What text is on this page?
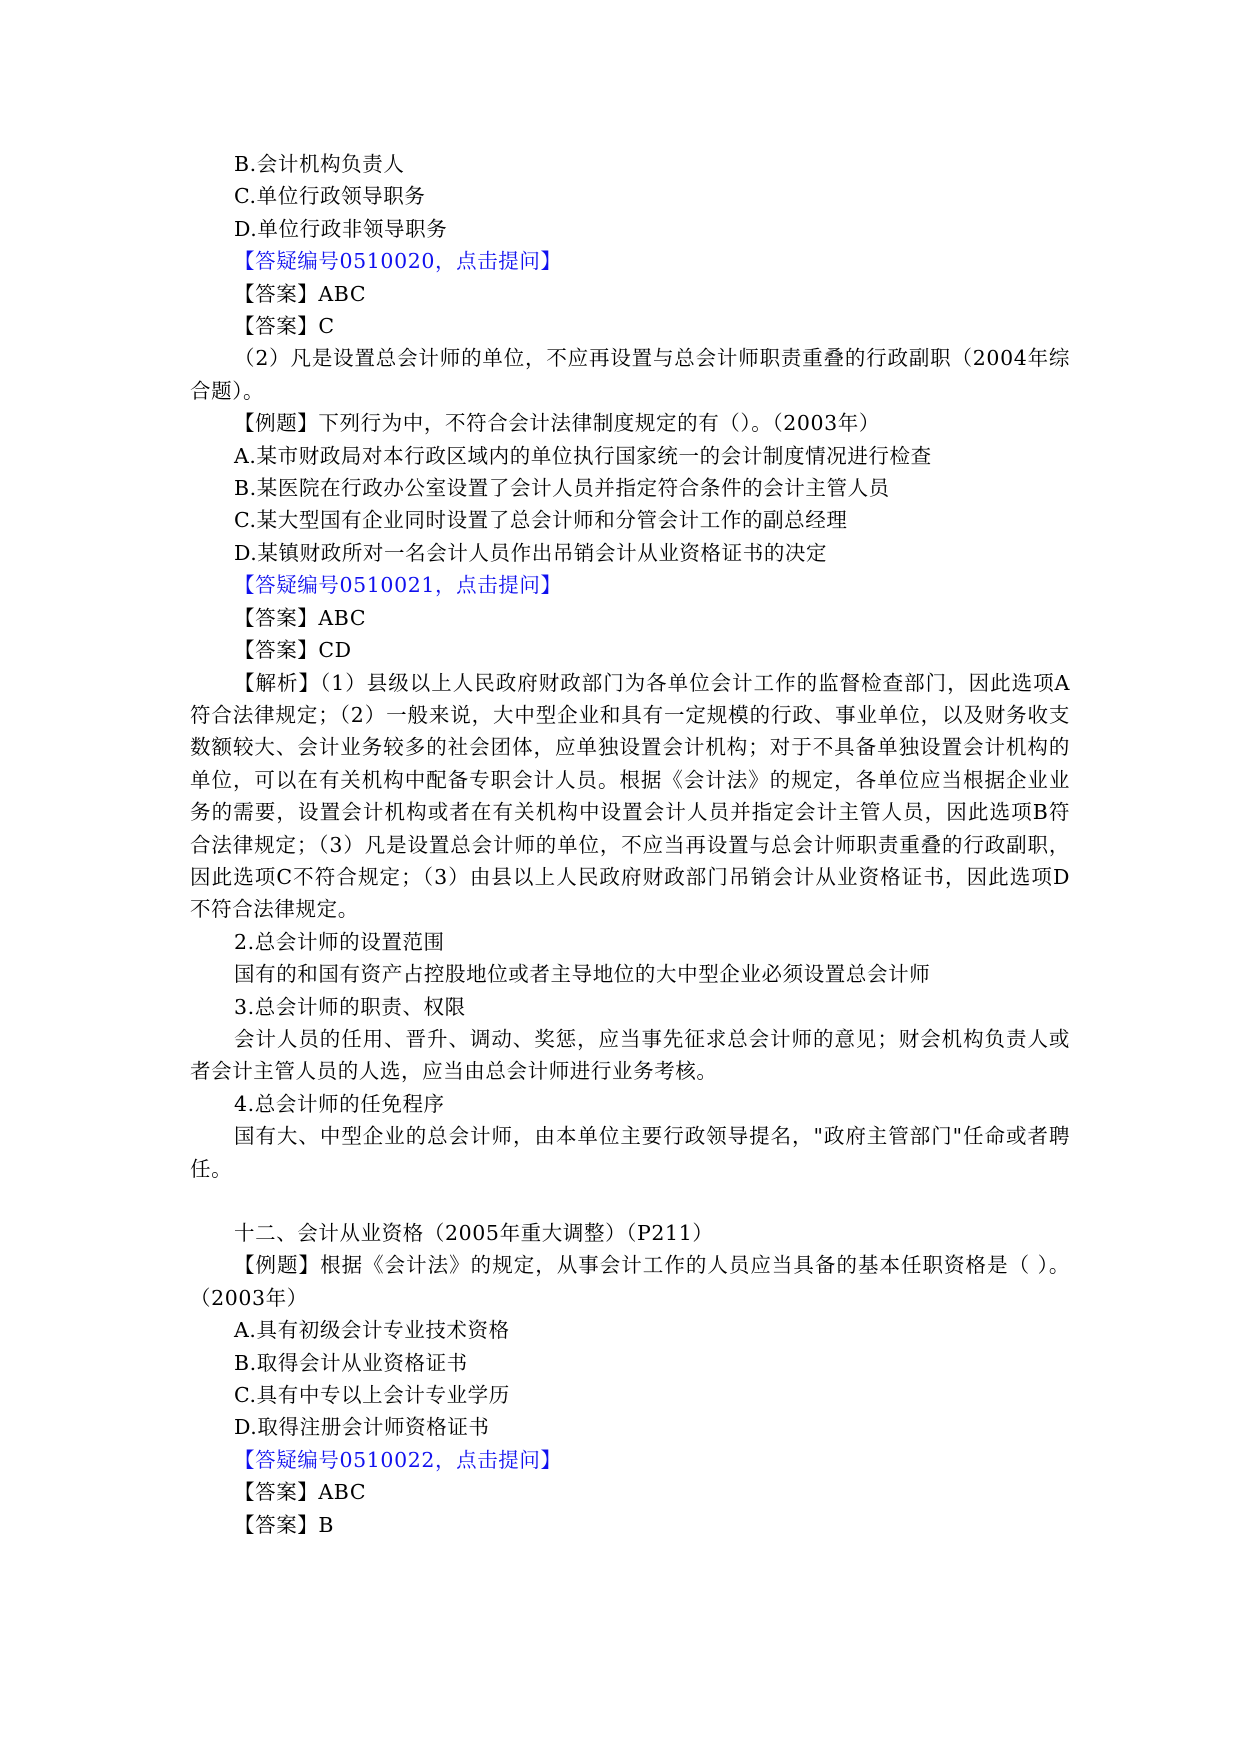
B.会计机构负责人

C.单位行政领导职务

D.单位行政非领导职务

【答疑编号0510020，点击提问】

【答案】ABC

【答案】C

（2）凡是设置总会计师的单位，不应再设置与总会计师职责重叠的行政副职（2004年综合题）。

【例题】下列行为中，不符合会计法律制度规定的有（）。（2003年）

A.某市财政局对本行政区域内的单位执行国家统一的会计制度情况进行检查

B.某医院在行政办公室设置了会计人员并指定符合条件的会计主管人员

C.某大型国有企业同时设置了总会计师和分管会计工作的副总经理

D.某镇财政所对一名会计人员作出吊销会计从业资格证书的决定

【答疑编号0510021，点击提问】

【答案】ABC

【答案】CD

【解析】（1）县级以上人民政府财政部门为各单位会计工作的监督检查部门，因此选项A符合法律规定；（2）一般来说，大中型企业和具有一定规模的行政、事业单位，以及财务收支数额较大、会计业务较多的社会团体，应单独设置会计机构；对于不具备单独设置会计机构的单位，可以在有关机构中配备专职会计人员。根据《会计法》的规定，各单位应当根据企业业务的需要，设置会计机构或者在有关机构中设置会计人员并指定会计主管人员，因此选项B符合法律规定；（3）凡是设置总会计师的单位，不应当再设置与总会计师职责重叠的行政副职，因此选项C不符合规定；（3）由县以上人民政府财政部门吊销会计从业资格证书，因此选项D不符合法律规定。

2.总会计师的设置范围

国有的和国有资产占控股地位或者主导地位的大中型企业必须设置总会计师

3.总会计师的职责、权限

会计人员的任用、晋升、调动、奖惩，应当事先征求总会计师的意见；财会机构负责人或者会计主管人员的人选，应当由总会计师进行业务考核。

4.总会计师的任免程序

国有大、中型企业的总会计师，由本单位主要行政领导提名，"政府主管部门"任命或者聘任。

十二、会计从业资格（2005年重大调整）（P211）

【例题】根据《会计法》的规定，从事会计工作的人员应当具备的基本任职资格是（ ）。（2003年）

A.具有初级会计专业技术资格

B.取得会计从业资格证书

C.具有中专以上会计专业学历

D.取得注册会计师资格证书

【答疑编号0510022，点击提问】

【答案】ABC

【答案】B
